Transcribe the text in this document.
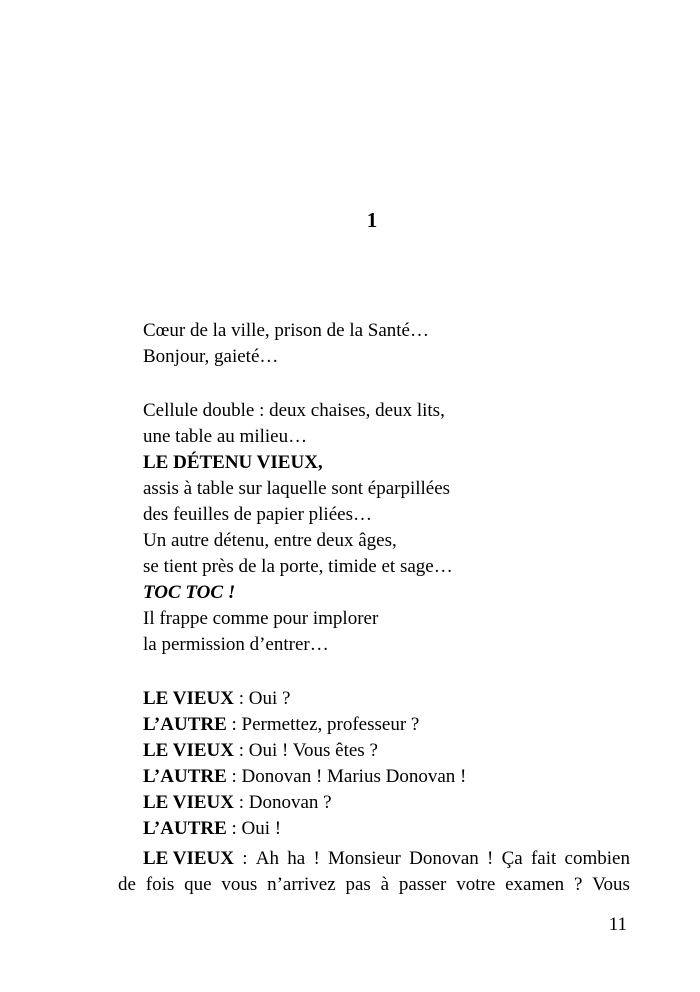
1
Cœur de la ville, prison de la Santé…
Bonjour, gaieté…
Cellule double : deux chaises, deux lits,
une table au milieu…
LE DÉTENU VIEUX,
assis à table sur laquelle sont éparpillées
des feuilles de papier pliées…
Un autre détenu, entre deux âges,
se tient près de la porte, timide et sage…
TOC TOC !
Il frappe comme pour implorer
la permission d’entrer…
LE VIEUX : Oui ?
L’AUTRE : Permettez, professeur ?
LE VIEUX : Oui ! Vous êtes ?
L’AUTRE : Donovan ! Marius Donovan !
LE VIEUX : Donovan ?
L’AUTRE : Oui !
LE VIEUX : Ah ha ! Monsieur Donovan ! Ça fait combien
de fois que vous n’arrivez pas à passer votre examen ? Vous
11
